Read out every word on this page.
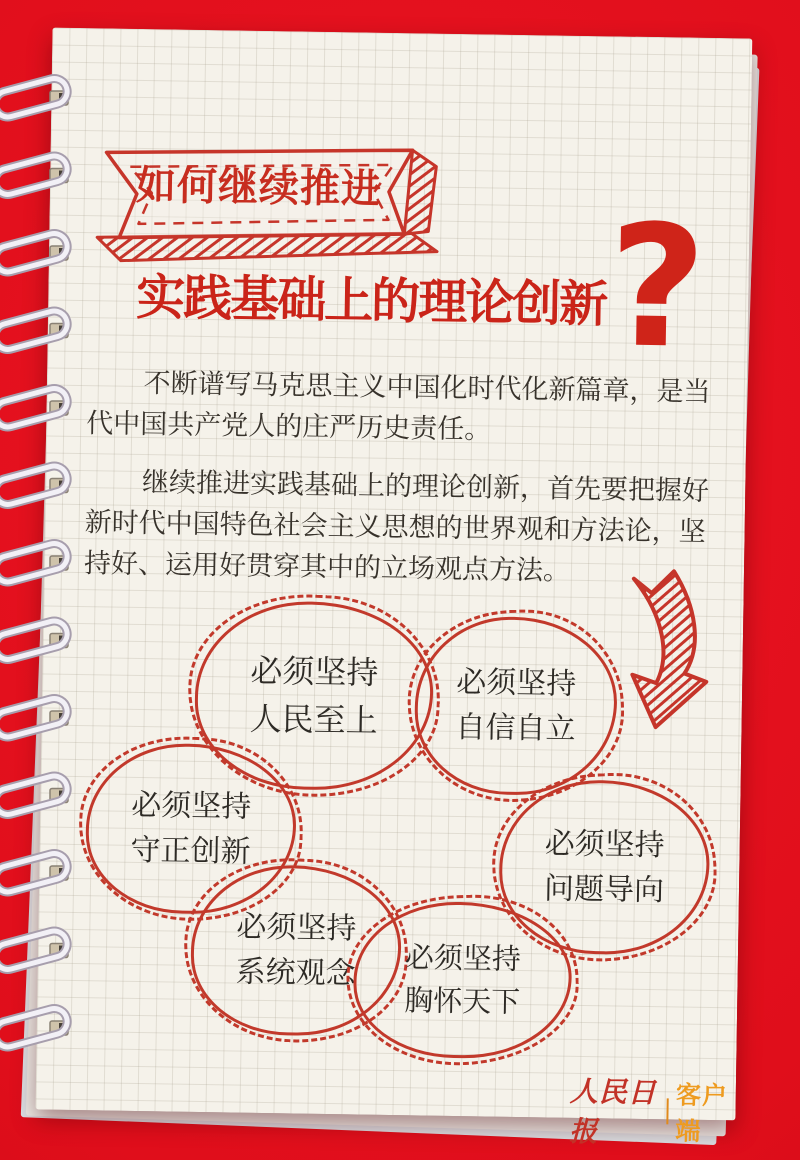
如何继续推进
实践基础上的理论创新 ?

不断谱写马克思主义中国化时代化新篇章，是当代中国共产党人的庄严历史责任。

继续推进实践基础上的理论创新，首先要把握好新时代中国特色社会主义思想的世界观和方法论，坚持好、运用好贯穿其中的立场观点方法。

必须坚持
人民至上
必须坚持
自信自立
必须坚持
守正创新	必须坚持
问题导向
必须坚持
系统观念 必须坚持
胸怀天下
人民日报
客户端
